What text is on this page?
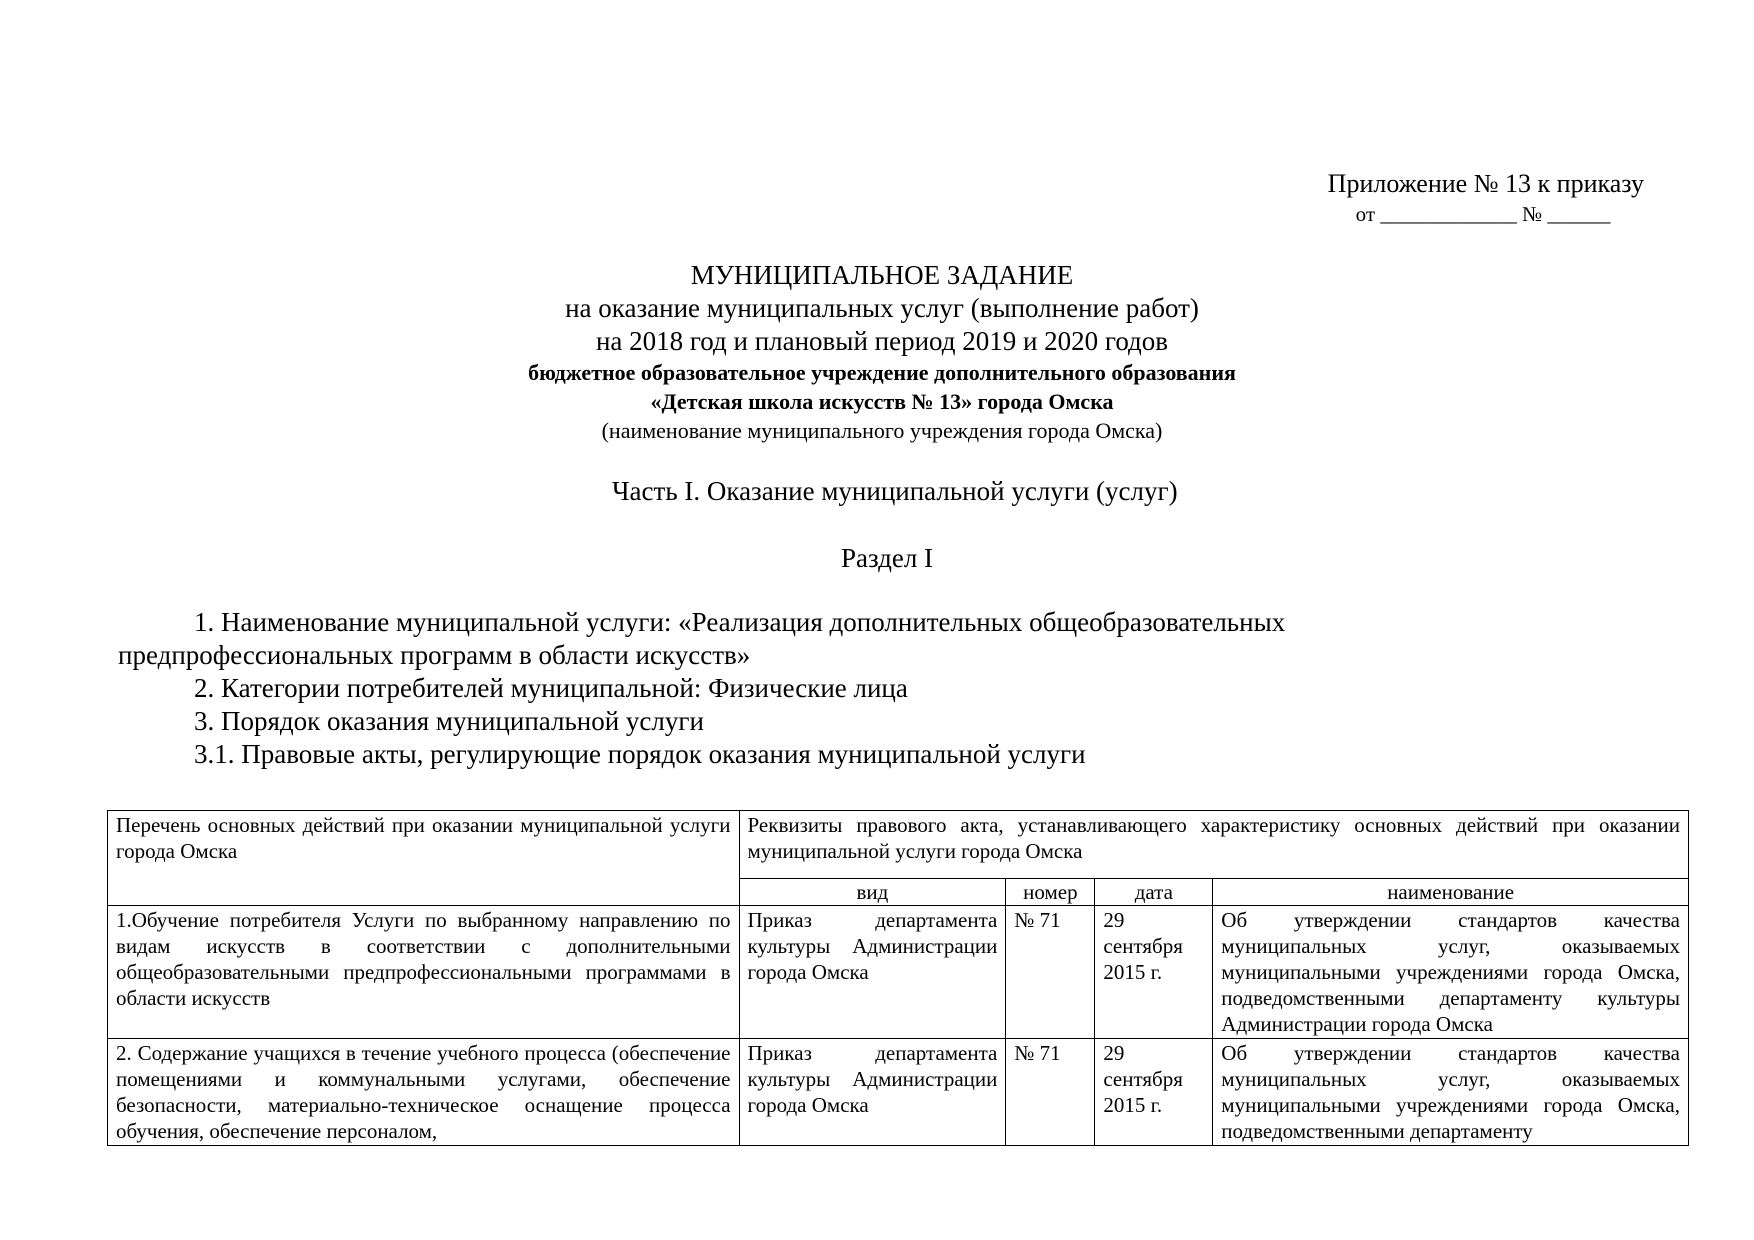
Приложение № 13 к приказу
от _____________ № ______
МУНИЦИПАЛЬНОЕ ЗАДАНИЕ
на оказание муниципальных услуг (выполнение работ)
на 2018 год и плановый период 2019 и 2020 годов
бюджетное образовательное учреждение дополнительного образования
«Детская школа искусств № 13» города Омска
(наименование муниципального учреждения города Омска)
Часть I. Оказание муниципальной услуги (услуг)
Раздел I
1. Наименование муниципальной услуги: «Реализация дополнительных общеобразовательных
предпрофессиональных программ в области искусств»
2. Категории потребителей муниципальной: Физические лица
3. Порядок оказания муниципальной услуги
3.1. Правовые акты, регулирующие порядок оказания муниципальной услуги
Перечень основных действий при оказании муниципальной услуги города Омска	Реквизиты правового акта, устанавливающего характеристику основных действий при оказании муниципальной услуги города Омска			
	вид	номер	дата	наименование
1.Обучение потребителя Услуги по выбранному направлению по видам искусств в соответствии с дополнительными общеобразовательными предпрофессиональными программами в области искусств	Приказ департамента культуры Администрации города Омска	№ 71	29 сентября 2015 г.	Об утверждении стандартов качества муниципальных услуг, оказываемых муниципальными учреждениями города Омска, подведомственными департаменту культуры Администрации города Омска
2. Содержание учащихся в течение учебного процесса (обеспечение помещениями и коммунальными услугами, обеспечение безопасности, материально-техническое оснащение процесса обучения, обеспечение персоналом,	Приказ департамента культуры Администрации города Омска	№ 71	29 сентября 2015 г.	Об утверждении стандартов качества муниципальных услуг, оказываемых муниципальными учреждениями города Омска, подведомственными департаменту
